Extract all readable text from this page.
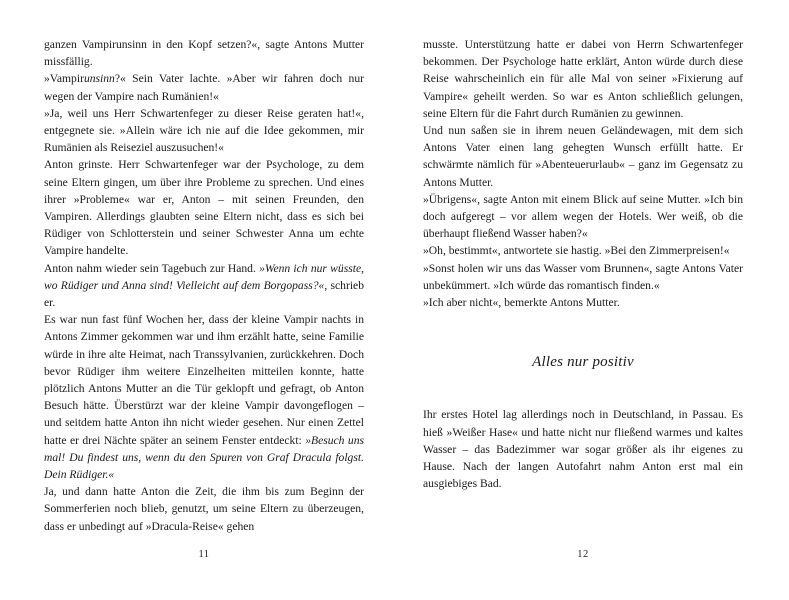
ganzen Vampirunsinn in den Kopf setzen?«, sagte Antons Mutter missfällig.

»Vampirunsinn?« Sein Vater lachte. »Aber wir fahren doch nur wegen der Vampire nach Rumänien!«

»Ja, weil uns Herr Schwartenfeger zu dieser Reise geraten hat!«, entgegnete sie. »Allein wäre ich nie auf die Idee gekommen, mir Rumänien als Reiseziel auszusuchen!«

Anton grinste. Herr Schwartenfeger war der Psychologe, zu dem seine Eltern gingen, um über ihre Probleme zu sprechen. Und eines ihrer »Probleme« war er, Anton – mit seinen Freunden, den Vampiren. Allerdings glaubten seine Eltern nicht, dass es sich bei Rüdiger von Schlotterstein und seiner Schwester Anna um echte Vampire handelte.

Anton nahm wieder sein Tagebuch zur Hand. »Wenn ich nur wüsste, wo Rüdiger und Anna sind! Vielleicht auf dem Borgopass?«, schrieb er.

Es war nun fast fünf Wochen her, dass der kleine Vampir nachts in Antons Zimmer gekommen war und ihm erzählt hatte, seine Familie würde in ihre alte Heimat, nach Transsylvanien, zurückkehren. Doch bevor Rüdiger ihm weitere Einzelheiten mitteilen konnte, hatte plötzlich Antons Mutter an die Tür geklopft und gefragt, ob Anton Besuch hätte. Überstürzt war der kleine Vampir davongeflogen – und seitdem hatte Anton ihn nicht wieder gesehen. Nur einen Zettel hatte er drei Nächte später an seinem Fenster entdeckt: »Besuch uns mal! Du findest uns, wenn du den Spuren von Graf Dracula folgst. Dein Rüdiger.«

Ja, und dann hatte Anton die Zeit, die ihm bis zum Beginn der Sommerferien noch blieb, genutzt, um seine Eltern zu überzeugen, dass er unbedingt auf »Dracula-Reise« gehen

11

musste. Unterstützung hatte er dabei von Herrn Schwartenfeger bekommen. Der Psychologe hatte erklärt, Anton würde durch diese Reise wahrscheinlich ein für alle Mal von seiner »Fixierung auf Vampire« geheilt werden. So war es Anton schließlich gelungen, seine Eltern für die Fahrt durch Rumänien zu gewinnen.

Und nun saßen sie in ihrem neuen Geländewagen, mit dem sich Antons Vater einen lang gehegten Wunsch erfüllt hatte. Er schwärmte nämlich für »Abenteuerurlaub« – ganz im Gegensatz zu Antons Mutter.

»Übrigens«, sagte Anton mit einem Blick auf seine Mutter. »Ich bin doch aufgeregt – vor allem wegen der Hotels. Wer weiß, ob die überhaupt fließend Wasser haben?«

»Oh, bestimmt«, antwortete sie hastig. »Bei den Zimmerpreisen!«

»Sonst holen wir uns das Wasser vom Brunnen«, sagte Antons Vater unbekümmert. »Ich würde das romantisch finden.«

»Ich aber nicht«, bemerkte Antons Mutter.

Alles nur positiv

Ihr erstes Hotel lag allerdings noch in Deutschland, in Passau. Es hieß »Weißer Hase« und hatte nicht nur fließend warmes und kaltes Wasser – das Badezimmer war sogar größer als ihr eigenes zu Hause. Nach der langen Autofahrt nahm Anton erst mal ein ausgiebiges Bad.

12
